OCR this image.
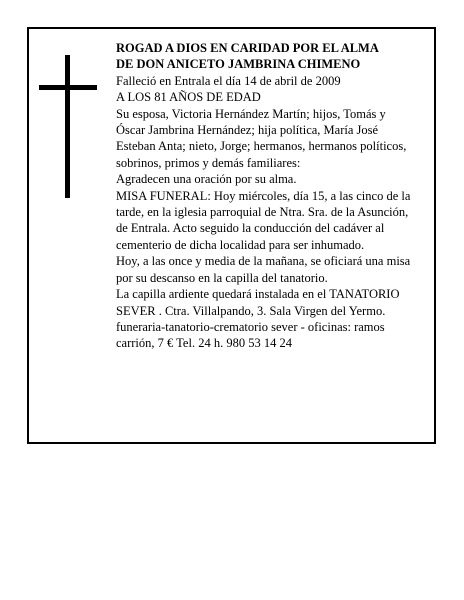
ROGAD A DIOS EN CARIDAD POR EL ALMA

DE DON ANICETO JAMBRINA CHIMENO

Falleció en Entrala el día 14 de abril de 2009

A LOS 81 AÑOS DE EDAD

Su esposa, Victoria Hernández Martín; hijos, Tomás y Óscar Jambrina Hernández; hija política, María José Esteban Anta; nieto, Jorge; hermanos, hermanos políticos, sobrinos, primos y demás familiares:

Agradecen una oración por su alma.

MISA FUNERAL: Hoy miércoles, día 15, a las cinco de la tarde, en la iglesia parroquial de Ntra. Sra. de la Asunción, de Entrala. Acto seguido la conducción del cadáver al cementerio de dicha localidad para ser inhumado.

Hoy, a las once y media de la mañana, se oficiará una misa por su descanso en la capilla del tanatorio.

La capilla ardiente quedará instalada en el TANATORIO SEVER . Ctra. Villalpando, 3. Sala Virgen del Yermo.

funeraria-tanatorio-crematorio sever - oficinas: ramos carrión, 7 € Tel. 24 h. 980 53 14 24
